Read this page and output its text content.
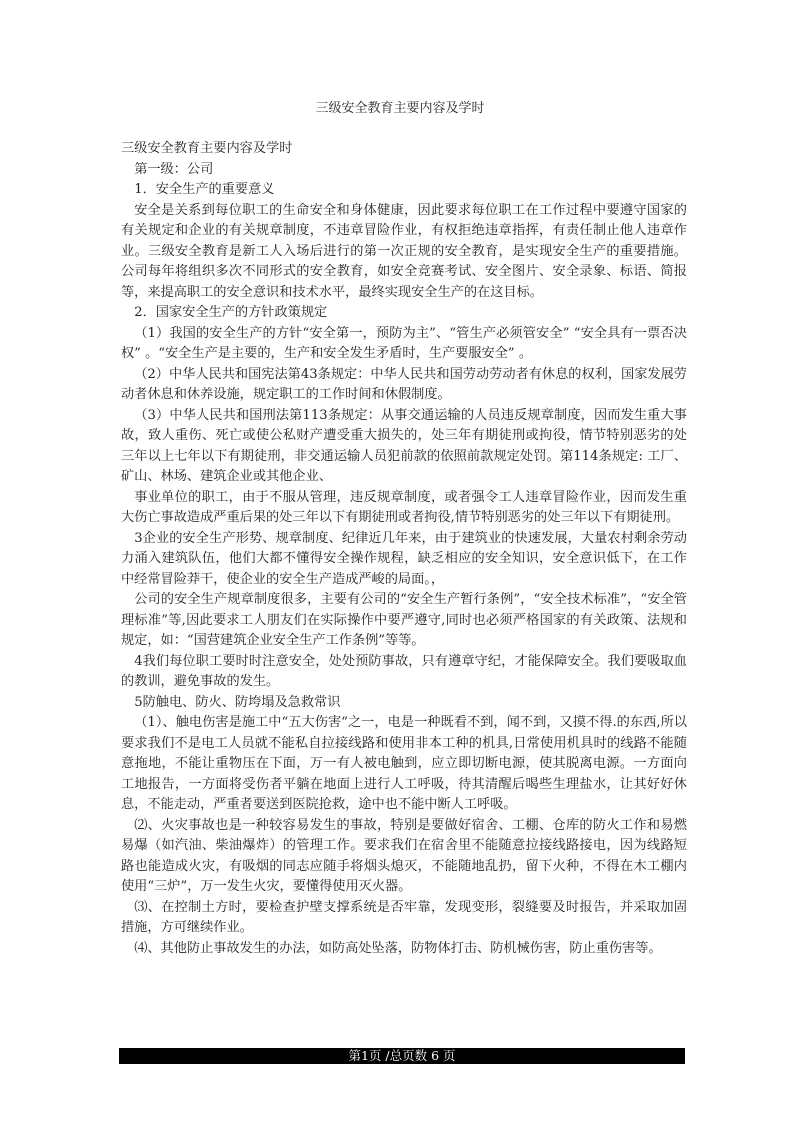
三级安全教育主要内容及学时

三级安全教育主要内容及学时

第一级：公司

1．安全生产的重要意义

安全是关系到每位职工的生命安全和身体健康，因此要求每位职工在工作过程中要遵守国家的有关规定和企业的有关规章制度，不违章冒险作业，有权拒绝违章指挥，有责任制止他人违章作业。三级安全教育是新工人入场后进行的第一次正规的安全教育，是实现安全生产的重要措施。公司每年将组织多次不同形式的安全教育，如安全竞赛考试、安全图片、安全录象、标语、简报等，来提高职工的安全意识和技术水平，最终实现安全生产的在这目标。

2．国家安全生产的方针政策规定

（1）我国的安全生产的方针“安全第一，预防为主”、“管生产必须管安全” “安全具有一票否决权” 。“安全生产是主要的，生产和安全发生矛盾时，生产要服安全” 。

（2）中华人民共和国宪法第43条规定：中华人民共和国劳动劳动者有休息的权利，国家发展劳动者休息和休养设施，规定职工的工作时间和休假制度。

（3）中华人民共和国刑法第113条规定：从事交通运输的人员违反规章制度，因而发生重大事故，致人重伤、死亡或使公私财产遭受重大损失的，处三年有期徒刑或拘役，情节特别恶劣的处三年以上七年以下有期徒刑，非交通运输人员犯前款的依照前款规定处罚。第114条规定: 工厂、矿山、林场、建筑企业或其他企业、

事业单位的职工，由于不服从管理，违反规章制度，或者强令工人违章冒险作业，因而发生重大伤亡事故造成严重后果的处三年以下有期徒刑或者拘役,情节特别恶劣的处三年以下有期徒刑。

3企业的安全生产形势、规章制度、纪律近几年来，由于建筑业的快速发展，大量农村剩余劳动力涌入建筑队伍，他们大都不懂得安全操作规程，缺乏相应的安全知识，安全意识低下，在工作中经常冒险莽干，使企业的安全生产造成严峻的局面。，

公司的安全生产规章制度很多，主要有公司的“安全生产暂行条例”，“安全技术标准”，“安全管理标准”等,因此要求工人朋友们在实际操作中要严遵守,同时也必须严格国家的有关政策、法规和规定，如：“国营建筑企业安全生产工作条例”等等。

4我们每位职工要时时注意安全，处处预防事故，只有遵章守纪，才能保障安全。我们要吸取血的教训，避免事故的发生。

5防触电、防火、防垮塌及急救常识

（1）、触电伤害是施工中“五大伤害“之一，电是一种既看不到，闻不到，又摸不得.的东西,所以要求我们不是电工人员就不能私自拉接线路和使用非本工种的机具,日常使用机具时的线路不能随意拖地，不能让重物压在下面，万一有人被电触到，应立即切断电源，使其脱离电源。一方面向工地报告，一方面将受伤者平躺在地面上进行人工呼吸，待其清醒后喝些生理盐水，让其好好休息，不能走动，严重者要送到医院抢救，途中也不能中断人工呼吸。

⑵、火灾事故也是一种较容易发生的事故，特别是要做好宿舍、工棚、仓库的防火工作和易燃易爆（如汽油、柴油爆炸）的管理工作。要求我们在宿舍里不能随意拉接线路接电，因为线路短路也能造成火灾，有吸烟的同志应随手将烟头熄灭，不能随地乱扔，留下火种，不得在木工棚内使用“三炉”，万一发生火灾，要懂得使用灭火器。

⑶、在控制土方时，要检查护壁支撑系统是否牢靠，发现变形，裂缝要及时报告，并采取加固措施，方可继续作业。

⑷、其他防止事故发生的办法，如防高处坠落，防物体打击、防机械伤害，防止重伤害等。

第1页 /总页数 6 页
